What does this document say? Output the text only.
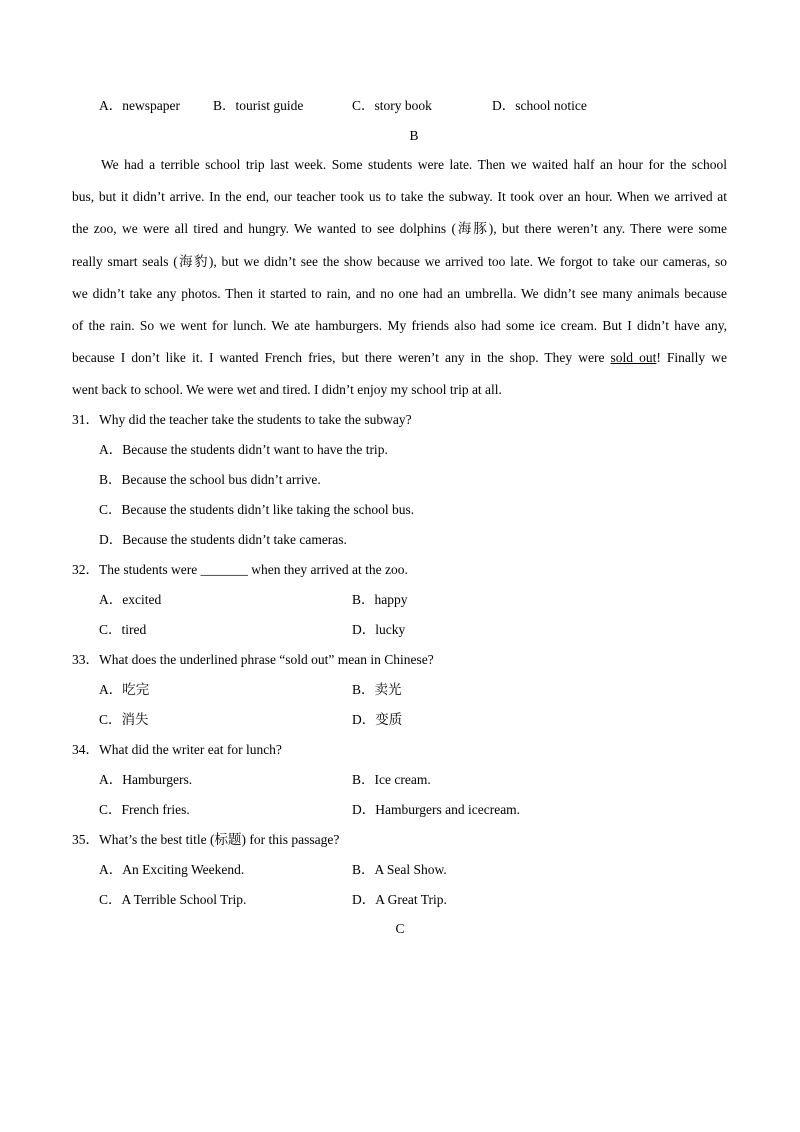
A．newspaper B．tourist guide	C．story book	D．school notice
B
We had a terrible school trip last week. Some students were late. Then we waited half an hour for the school
bus, but it didn’t arrive. In the end, our teacher took us to take the subway. It took over an hour. When we arrived at
the zoo, we were all tired and hungry. We wanted to see dolphins (海豚), but there weren’t any. There were some
really smart seals (海豹), but we didn’t see the show because we arrived too late. We forgot to take our cameras, so
we didn’t take any photos. Then it started to rain, and no one had an umbrella. We didn’t see many animals because
of the rain. So we went for lunch. We ate hamburgers. My friends also had some ice cream. But I didn’t have any,
because I don’t like it. I wanted French fries, but there weren’t any in the shop. They were sold out! Finally we
went back to school. We were wet and tired. I didn’t enjoy my school trip at all.
31．Why did the teacher take the students to take the subway?
A．Because the students didn’t want to have the trip.
B．Because the school bus didn’t arrive.
C．Because the students didn’t like taking the school bus.
D．Because the students didn’t take cameras.
32．The students were _______ when they arrived at the zoo.
A．excited	B．happy
C．tired	D．lucky
33．What does the underlined phrase “sold out” mean in Chinese?
A．吃完	B．卖光
C．消失	D．变质
34．What did the writer eat for lunch?
A．Hamburgers.	B．Ice cream.
C．French fries.	D．Hamburgers and icecream.
35．What’s the best title (标题) for this passage?
A．An Exciting Weekend.	B．A Seal Show.
C．A Terrible School Trip.	D．A Great Trip.
C
